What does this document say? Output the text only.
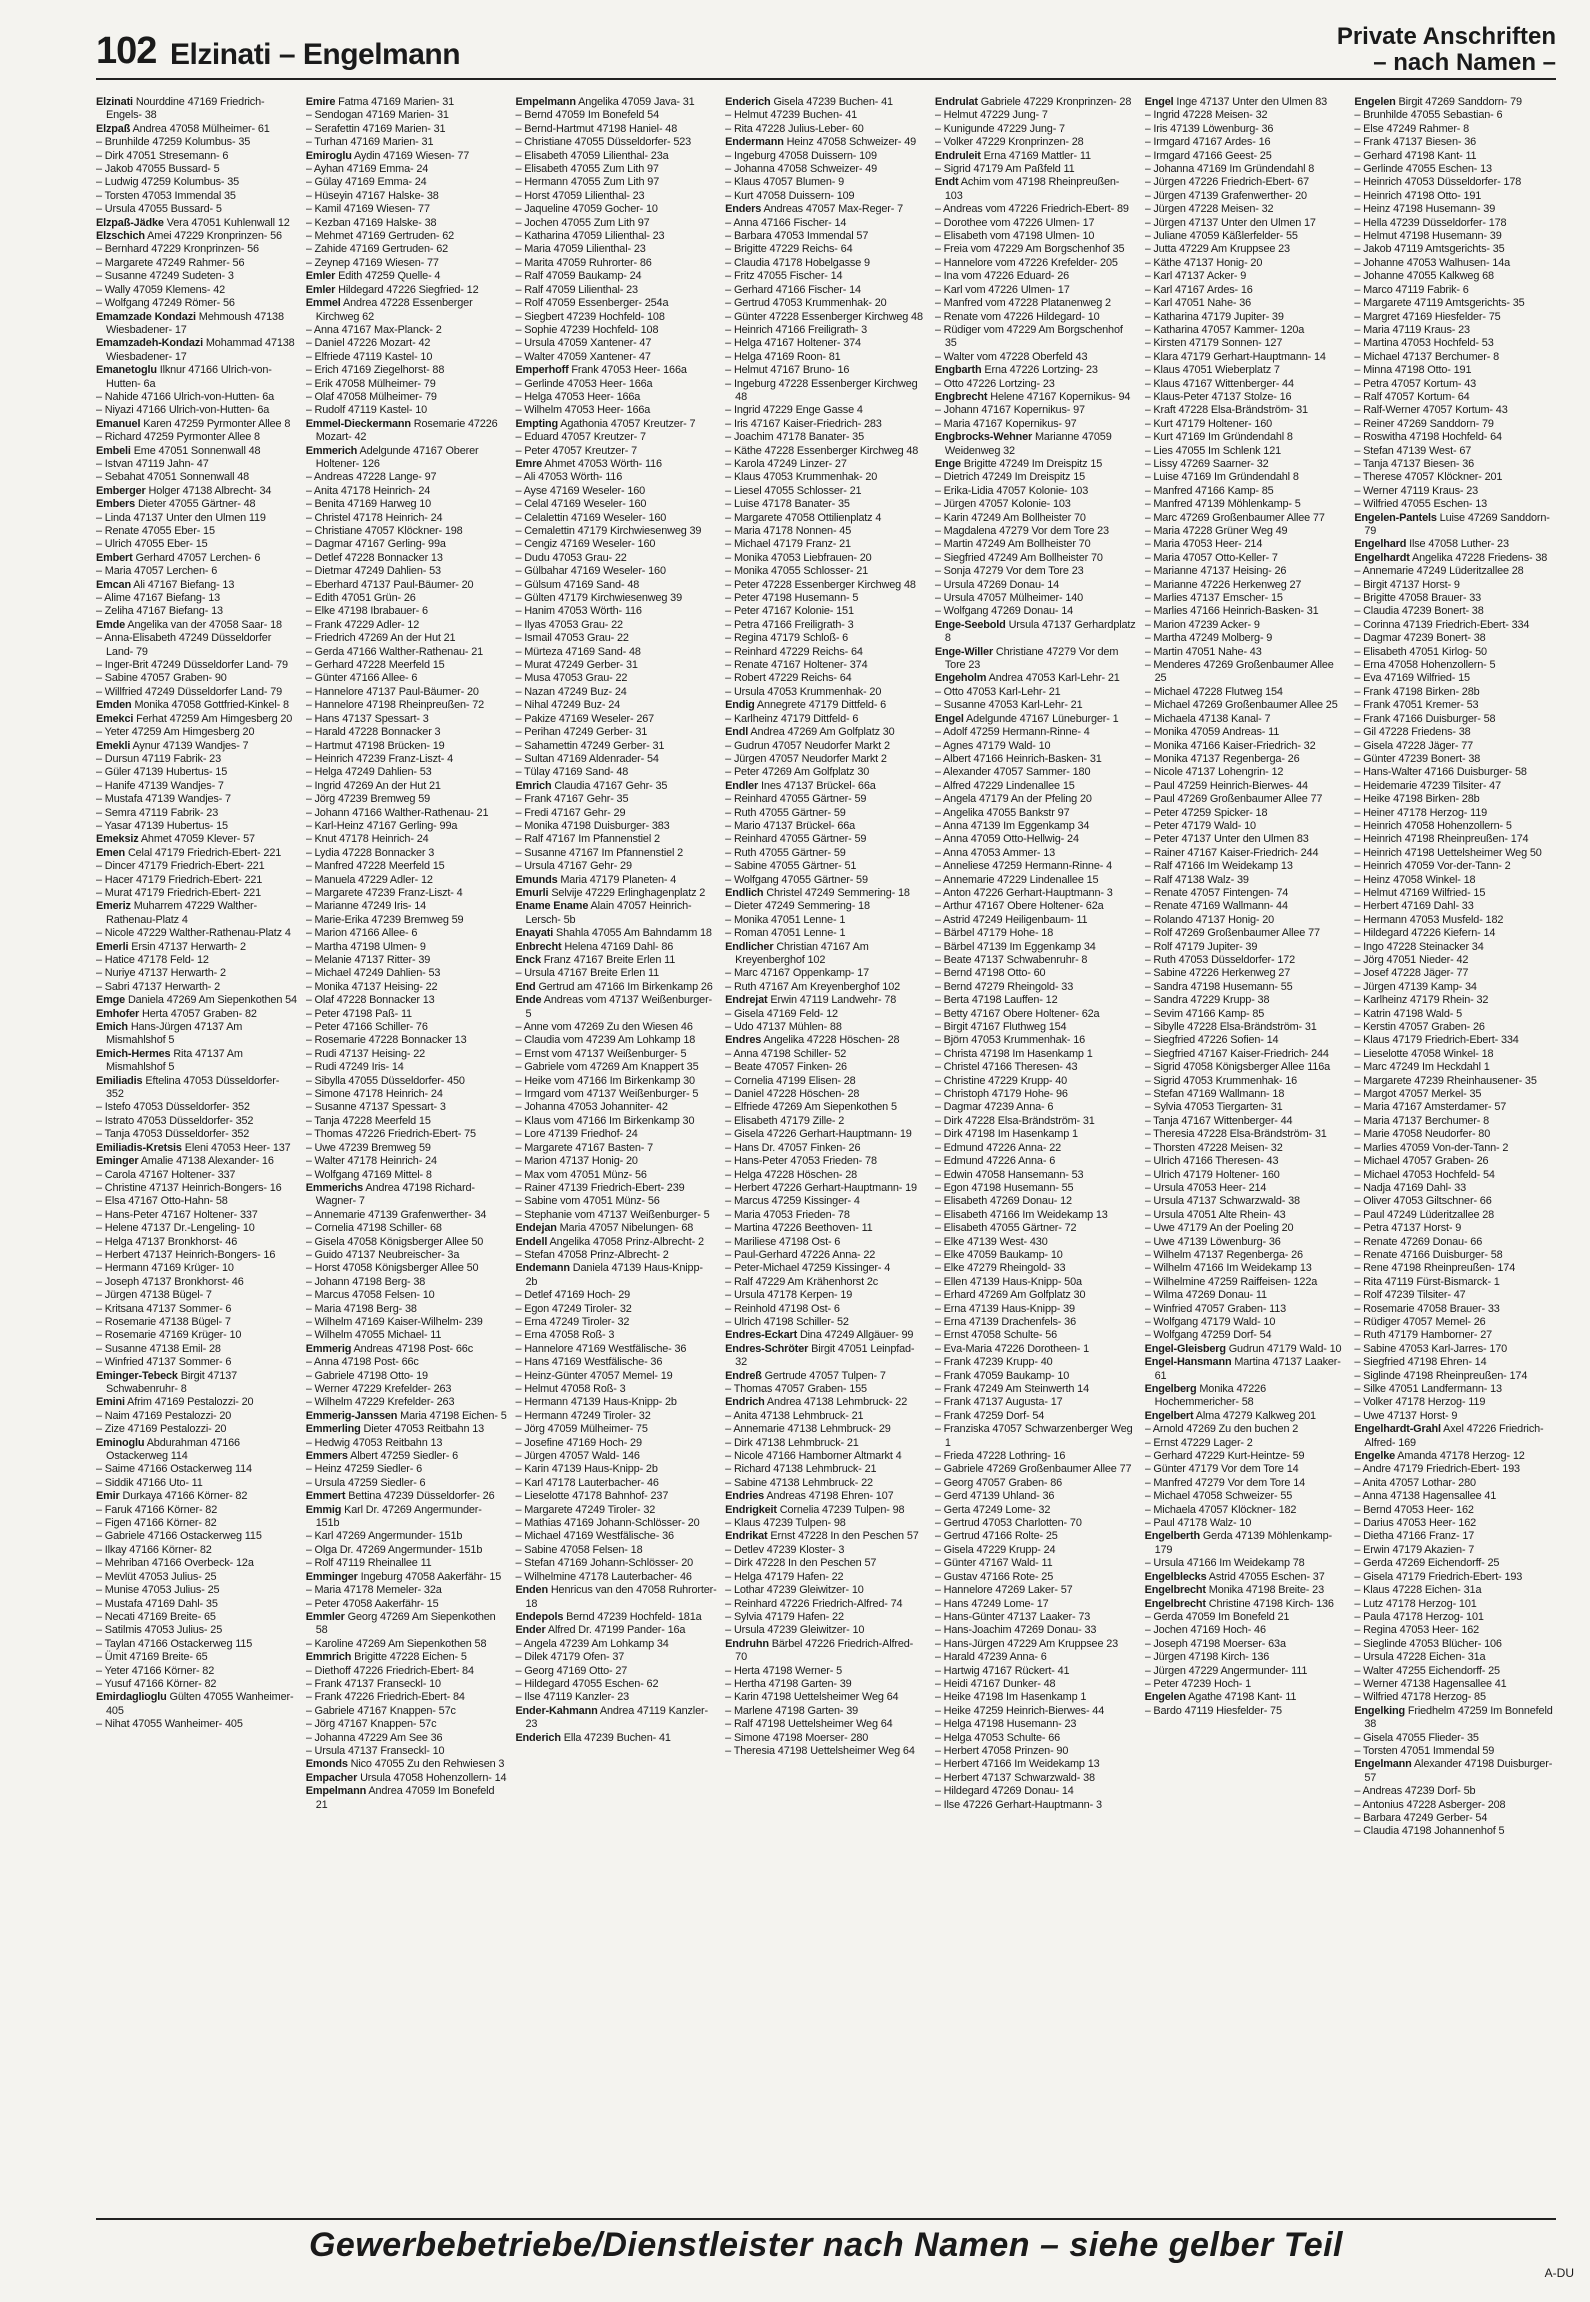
102 Elzinati – Engelmann
Private Anschriften
– nach Namen –
Elzinati Nourddine 47169 Friedrich-Engels- 38
Elzpaß Andrea 47058 Mülheimer- 61
– Brunhilde 47259 Kolumbus- 35
– Dirk 47051 Stresemann- 6
– Jakob 47055 Bussard- 5
– Ludwig 47259 Kolumbus- 35
– Torsten 47053 Immendal 35
– Ursula 47055 Bussard- 5
Elzpaß-Jädke Vera 47051 Kuhlenwall 12
Elzschich Amei 47229 Kronprinzen- 56
– Bernhard 47229 Kronprinzen- 56
– Margarete 47249 Rahmer- 56
– Susanne 47249 Sudeten- 3
– Wally 47059 Klemens- 42
– Wolfgang 47249 Römer- 56
Emamzade Kondazi Mehmoush 47138 Wiesbadener- 17
Emamzadeh-Kondazi Mohammad 47138 Wiesbadener- 17
Emanetoglu Ilknur 47166 Ulrich-von-Hutten- 6a
– Nahide 47166 Ulrich-von-Hutten- 6a
– Niyazi 47166 Ulrich-von-Hutten- 6a
Emanuel Karen 47259 Pyrmonter Allee 8
– Richard 47259 Pyrmonter Allee 8
Embeli Eme 47051 Sonnenwall 48
– Istvan 47119 Jahn- 47
– Sebahat 47051 Sonnenwall 48
Emberger Holger 47138 Albrecht- 34
Embers Dieter 47055 Gärtner- 48
– Linda 47137 Unter den Ulmen 119
– Renate 47055 Eber- 15
– Ulrich 47055 Eber- 15
Embert Gerhard 47057 Lerchen- 6
– Maria 47057 Lerchen- 6
Emcan Ali 47167 Biefang- 13
– Alime 47167 Biefang- 13
– Zeliha 47167 Biefang- 13
Emde Angelika van der 47058 Saar- 18
– Anna-Elisabeth 47249 Düsseldorfer Land- 79
– Inger-Brit 47249 Düsseldorfer Land- 79
– Sabine 47057 Graben- 90
– Willfried 47249 Düsseldorfer Land- 79
Emden Monika 47058 Gottfried-Kinkel- 8
Emekci Ferhat 47259 Am Himgesberg 20
– Yeter 47259 Am Himgesberg 20
Emekli Aynur 47139 Wandjes- 7
– Dursun 47119 Fabrik- 23
– Güler 47139 Hubertus- 15
– Hanife 47139 Wandjes- 7
– Mustafa 47139 Wandjes- 7
– Semra 47119 Fabrik- 23
– Yasar 47139 Hubertus- 15
Emeksiz Ahmet 47059 Klever- 57
Emen Celal 47179 Friedrich-Ebert- 221
– Dincer 47179 Friedrich-Ebert- 221
– Hacer 47179 Friedrich-Ebert- 221
– Murat 47179 Friedrich-Ebert- 221
Emeriz Muharrem 47229 Walther-Rathenau-Platz 4
– Nicole 47229 Walther-Rathenau-Platz 4
Emerli Ersin 47137 Herwarth- 2
– Hatice 47178 Feld- 12
– Nuriye 47137 Herwarth- 2
– Sabri 47137 Herwarth- 2
Emge Daniela 47269 Am Siepenkothen 54
Emhofer Herta 47057 Graben- 82
Emich Hans-Jürgen 47137 Am Mismahlshof 5
Emich-Hermes Rita 47137 Am Mismahlshof 5
Emiliadis Eftelina 47053 Düsseldorfer- 352
– Istefo 47053 Düsseldorfer- 352
– Istrato 47053 Düsseldorfer- 352
– Tanja 47053 Düsseldorfer- 352
Emiliadis-Kretsis Eleni 47053 Heer- 137
Eminger Amalie 47138 Alexander- 16
– Carola 47167 Holtener- 337
– Christine 47137 Heinrich-Bongers- 16
– Elsa 47167 Otto-Hahn- 58
– Hans-Peter 47167 Holtener- 337
– Helene 47137 Dr.-Lengeling- 10
– Helga 47137 Bronkhorst- 46
– Herbert 47137 Heinrich-Bongers- 16
– Hermann 47169 Krüger- 10
– Joseph 47137 Bronkhorst- 46
– Jürgen 47138 Bügel- 7
– Kritsana 47137 Sommer- 6
– Rosemarie 47138 Bügel- 7
– Rosemarie 47169 Krüger- 10
– Susanne 47138 Emil- 28
– Winfried 47137 Sommer- 6
Eminger-Tebeck Birgit 47137 Schwabenruhr- 8
Emini Afrim 47169 Pestalozzi- 20
– Naim 47169 Pestalozzi- 20
– Zize 47169 Pestalozzi- 20
Eminoglu Abdurahman 47166 Ostackerweg 114
– Saime 47166 Ostackerweg 114
– Siddik 47166 Uto- 11
Emir Durkaya 47166 Körner- 82
– Faruk 47166 Körner- 82
– Figen 47166 Körner- 82
– Gabriele 47166 Ostackerweg 115
– Ilkay 47166 Körner- 82
– Mehriban 47166 Overbeck- 12a
– Mevlüt 47053 Julius- 25
– Munise 47053 Julius- 25
– Mustafa 47169 Dahl- 35
– Necati 47169 Breite- 65
– Satilmis 47053 Julius- 25
– Taylan 47166 Ostackerweg 115
– Ümit 47169 Breite- 65
– Yeter 47166 Körner- 82
– Yusuf 47166 Körner- 82
Emirdaglioglu Gülten 47055 Wanheimer- 405
– Nihat 47055 Wanheimer- 405
Emire Fatma 47169 Marien- 31
– Sendogan 47169 Marien- 31
– Serafettin 47169 Marien- 31
– Turhan 47169 Marien- 31
Emiroglu Aydin 47169 Wiesen- 77
– Ayhan 47169 Emma- 24
– Gülay 47169 Emma- 24
– Hüseyin 47167 Halske- 38
– Kamil 47169 Wiesen- 77
– Kezban 47169 Halske- 38
– Mehmet 47169 Gertruden- 62
– Zahide 47169 Gertruden- 62
– Zeynep 47169 Wiesen- 77
Emler Edith 47259 Quelle- 4
Emler Hildegard 47226 Siegfried- 12
Emmel Andrea 47228 Essenberger Kirchweg 62
– Anna 47167 Max-Planck- 2
– Daniel 47226 Mozart- 42
– Elfriede 47119 Kastel- 10
– Erich 47169 Ziegelhorst- 88
– Erik 47058 Mülheimer- 79
– Olaf 47058 Mülheimer- 79
– Rudolf 47119 Kastel- 10
Emmel-Dieckermann Rosemarie 47226 Mozart- 42
Emmerich Adelgunde 47167 Oberer Holtener- 126
– Andreas 47228 Lange- 97
– Anita 47178 Heinrich- 24
– Benita 47169 Harweg 10
– Christel 47178 Heinrich- 24
– Christiane 47057 Klöckner- 198
– Dagmar 47167 Gerling- 99a
– Detlef 47228 Bonnacker 13
– Dietmar 47249 Dahlien- 53
– Eberhard 47137 Paul-Bäumer- 20
– Edith 47051 Grün- 26
– Elke 47198 Ibrabauer- 6
– Frank 47229 Adler- 12
– Friedrich 47269 An der Hut 21
– Gerda 47166 Walther-Rathenau- 21
– Gerhard 47228 Meerfeld 15
– Günter 47166 Allee- 6
– Hannelore 47137 Paul-Bäumer- 20
– Hannelore 47198 Rheinpreußen- 72
– Hans 47137 Spessart- 3
– Harald 47228 Bonnacker 3
– Hartmut 47198 Brücken- 19
– Heinrich 47239 Franz-Liszt- 4
– Helga 47249 Dahlien- 53
– Ingrid 47269 An der Hut 21
– Jörg 47239 Bremweg 59
– Johann 47166 Walther-Rathenau- 21
– Karl-Heinz 47167 Gerling- 99a
– Knut 47178 Heinrich- 24
– Lydia 47228 Bonnacker 3
– Manfred 47228 Meerfeld 15
– Manuela 47229 Adler- 12
– Margarete 47239 Franz-Liszt- 4
– Marianne 47249 Iris- 14
– Marie-Erika 47239 Bremweg 59
– Marion 47166 Allee- 6
– Martha 47198 Ulmen- 9
– Melanie 47137 Ritter- 39
– Michael 47249 Dahlien- 53
– Monika 47137 Heising- 22
– Olaf 47228 Bonnacker 13
– Peter 47198 Paß- 11
– Peter 47166 Schiller- 76
– Rosemarie 47228 Bonnacker 13
– Rudi 47137 Heising- 22
– Rudi 47249 Iris- 14
– Sibylla 47055 Düsseldorfer- 450
– Simone 47178 Heinrich- 24
– Susanne 47137 Spessart- 3
– Tanja 47228 Meerfeld 15
– Thomas 47226 Friedrich-Ebert- 75
– Uwe 47239 Bremweg 59
– Walter 47178 Heinrich- 24
– Wolfgang 47169 Mittel- 8
Emmerichs Andrea 47198 Richard-Wagner- 7
– Annemarie 47139 Grafenwerther- 34
– Cornelia 47198 Schiller- 68
– Gisela 47058 Königsberger Allee 50
– Guido 47137 Neubreischer- 3a
– Horst 47058 Königsberger Allee 50
– Johann 47198 Berg- 38
– Marcus 47058 Felsen- 10
– Maria 47198 Berg- 38
– Wilhelm 47169 Kaiser-Wilhelm- 239
– Wilhelm 47055 Michael- 11
Emmerig Andreas 47198 Post- 66c
– Anna 47198 Post- 66c
– Gabriele 47198 Otto- 19
– Werner 47229 Krefelder- 263
– Wilhelm 47229 Krefelder- 263
Emmerig-Janssen Maria 47198 Eichen- 5
Emmerling Dieter 47053 Reitbahn 13
– Hedwig 47053 Reitbahn 13
Emmers Albert 47259 Siedler- 6
– Heinz 47259 Siedler- 6
– Ursula 47259 Siedler- 6
Emmert Bettina 47239 Düsseldorfer- 26
Emmig Karl Dr. 47269 Angermunder- 151b
– Karl 47269 Angermunder- 151b
– Olga Dr. 47269 Angermunder- 151b
– Rolf 47119 Rheinallee 11
Emminger Ingeburg 47058 Aakerfähr- 15
– Maria 47178 Memeler- 32a
– Peter 47058 Aakerfähr- 15
Emmler Georg 47269 Am Siepenkothen 58
– Karoline 47269 Am Siepenkothen 58
Emmrich Brigitte 47228 Eichen- 5
– Diethoff 47226 Friedrich-Ebert- 84
– Frank 47137 Franseckl- 10
– Frank 47226 Friedrich-Ebert- 84
– Gabriele 47167 Knappen- 57c
– Jörg 47167 Knappen- 57c
– Johanna 47229 Am See 36
– Ursula 47137 Franseckl- 10
Emonds Nico 47055 Zu den Rehwiesen 3
Empacher Ursula 47058 Hohenzollern- 14
Empelmann Andrea 47059 Im Bonefeld 21
Empelmann Angelika 47059 Java- 31
– Bernd 47059 Im Bonefeld 54
– Bernd-Hartmut 47198 Haniel- 48
– Christiane 47055 Düsseldorfer- 523
– Elisabeth 47059 Lilienthal- 23a
– Elisabeth 47055 Zum Lith 97
– Hermann 47055 Zum Lith 97
– Horst 47059 Lilienthal- 23
– Jaqueline 47059 Gocher- 10
– Jochen 47055 Zum Lith 97
– Katharina 47059 Lilienthal- 23
– Maria 47059 Lilienthal- 23
– Marita 47059 Ruhrorter- 86
– Ralf 47059 Baukamp- 24
– Ralf 47059 Lilienthal- 23
– Rolf 47059 Essenberger- 254a
– Siegbert 47239 Hochfeld- 108
– Sophie 47239 Hochfeld- 108
– Ursula 47059 Xantener- 47
– Walter 47059 Xantener- 47
Emperhoff Frank 47053 Heer- 166a
– Gerlinde 47053 Heer- 166a
– Helga 47053 Heer- 166a
– Wilhelm 47053 Heer- 166a
Empting Agathonia 47057 Kreutzer- 7
– Eduard 47057 Kreutzer- 7
– Peter 47057 Kreutzer- 7
Emre Ahmet 47053 Wörth- 116
– Ali 47053 Wörth- 116
– Ayse 47169 Weseler- 160
– Celal 47169 Weseler- 160
– Celalettin 47169 Weseler- 160
– Cemalettin 47179 Kirchwiesenweg 39
– Cengiz 47169 Weseler- 160
– Dudu 47053 Grau- 22
– Gülbahar 47169 Weseler- 160
– Gülsum 47169 Sand- 48
– Gülten 47179 Kirchwiesenweg 39
– Hanim 47053 Wörth- 116
– Ilyas 47053 Grau- 22
– Ismail 47053 Grau- 22
– Mürteza 47169 Sand- 48
– Murat 47249 Gerber- 31
– Musa 47053 Grau- 22
– Nazan 47249 Buz- 24
– Nihal 47249 Buz- 24
– Pakize 47169 Weseler- 267
– Perihan 47249 Gerber- 31
– Sahamettin 47249 Gerber- 31
– Sultan 47169 Aldenrader- 54
– Tülay 47169 Sand- 48
Emrich Claudia 47167 Gehr- 35
– Frank 47167 Gehr- 35
– Fredi 47167 Gehr- 29
– Monika 47198 Duisburger- 383
– Ralf 47167 Im Pfannenstiel 2
– Susanne 47167 Im Pfannenstiel 2
– Ursula 47167 Gehr- 29
Emunds Maria 47179 Planeten- 4
Emurli Selvije 47229 Erlinghagenplatz 2
Ename Ename Alain 47057 Heinrich-Lersch- 5b
Enayati Shahla 47055 Am Bahndamm 18
Enbrecht Helena 47169 Dahl- 86
Enck Franz 47167 Breite Erlen 11
– Ursula 47167 Breite Erlen 11
End Gertrud am 47166 Im Birkenkamp 26
Ende Andreas vom 47137 Weißenburger- 5
– Anne vom 47269 Zu den Wiesen 46
– Claudia vom 47239 Am Lohkamp 18
– Ernst vom 47137 Weißenburger- 5
– Gabriele vom 47269 Am Knappert 35
– Heike vom 47166 Im Birkenkamp 30
– Irmgard vom 47137 Weißenburger- 5
– Johanna 47053 Johanniter- 42
– Klaus vom 47166 Im Birkenkamp 30
– Lore 47139 Friedhof- 24
– Margarete 47167 Basten- 7
– Marion 47137 Honig- 20
– Max vom 47051 Münz- 56
– Rainer 47139 Friedrich-Ebert- 239
– Sabine vom 47051 Münz- 56
– Stephanie vom 47137 Weißenburger- 5
Endejan Maria 47057 Nibelungen- 68
Endell Angelika 47058 Prinz-Albrecht- 2
– Stefan 47058 Prinz-Albrecht- 2
Endemann Daniela 47139 Haus-Knipp- 2b
– Detlef 47169 Hoch- 29
– Egon 47249 Tiroler- 32
– Erna 47249 Tiroler- 32
– Erna 47058 Roß- 3
– Hannelore 47169 Westfälische- 36
– Hans 47169 Westfälische- 36
– Heinz-Günter 47057 Memel- 19
– Helmut 47058 Roß- 3
– Hermann 47139 Haus-Knipp- 2b
– Hermann 47249 Tiroler- 32
– Jörg 47059 Mülheimer- 75
– Josefine 47169 Hoch- 29
– Jürgen 47057 Wald- 146
– Karin 47139 Haus-Knipp- 2b
– Karl 47178 Lauterbacher- 46
– Lieselotte 47178 Bahnhof- 237
– Margarete 47249 Tiroler- 32
– Mathias 47169 Johann-Schlösser- 20
– Michael 47169 Westfälische- 36
– Sabine 47058 Felsen- 18
– Stefan 47169 Johann-Schlösser- 20
– Wilhelmine 47178 Lauterbacher- 46
Enden Henricus van den 47058 Ruhrorter- 18
Endepols Bernd 47239 Hochfeld- 181a
Ender Alfred Dr. 47199 Pander- 16a
– Angela 47239 Am Lohkamp 34
– Dilek 47179 Ofen- 37
– Georg 47169 Otto- 27
– Hildegard 47055 Eschen- 62
– Ilse 47119 Kanzler- 23
Ender-Kahmann Andrea 47119 Kanzler- 23
Enderich Ella 47239 Buchen- 41
Enderich Gisela 47239 Buchen- 41
– Helmut 47239 Buchen- 41
– Rita 47228 Julius-Leber- 60
Endermann Heinz 47058 Schweizer- 49
– Ingeburg 47058 Duissern- 109
– Johanna 47058 Schweizer- 49
– Klaus 47057 Blumen- 9
– Kurt 47058 Duissern- 109
Enders Andreas 47057 Max-Reger- 7
– Anna 47166 Fischer- 14
– Barbara 47053 Immendal 57
– Brigitte 47229 Reichs- 64
– Claudia 47178 Hobelgasse 9
– Fritz 47055 Fischer- 14
– Gerhard 47166 Fischer- 14
– Gertrud 47053 Krummenhak- 20
– Günter 47228 Essenberger Kirchweg 48
– Heinrich 47166 Freiligrath- 3
– Helga 47167 Holtener- 374
– Helga 47169 Roon- 81
– Helmut 47167 Bruno- 16
– Ingeburg 47228 Essenberger Kirchweg 48
– Ingrid 47229 Enge Gasse 4
– Iris 47167 Kaiser-Friedrich- 283
– Joachim 47178 Banater- 35
– Käthe 47228 Essenberger Kirchweg 48
– Karola 47249 Linzer- 27
– Klaus 47053 Krummenhak- 20
– Liesel 47055 Schlosser- 21
– Luise 47178 Banater- 35
– Margarete 47058 Ottilienplatz 4
– Maria 47178 Nonnen- 45
– Michael 47179 Franz- 21
– Monika 47053 Liebfrauen- 20
– Monika 47055 Schlosser- 21
– Peter 47228 Essenberger Kirchweg 48
– Peter 47198 Husemann- 5
– Peter 47167 Kolonie- 151
– Petra 47166 Freiligrath- 3
– Regina 47179 Schloß- 6
– Reinhard 47229 Reichs- 64
– Renate 47167 Holtener- 374
– Robert 47229 Reichs- 64
– Ursula 47053 Krummenhak- 20
Endig Annegrete 47179 Dittfeld- 6
– Karlheinz 47179 Dittfeld- 6
Endl Andrea 47269 Am Golfplatz 30
– Gudrun 47057 Neudorfer Markt 2
– Jürgen 47057 Neudorfer Markt 2
– Peter 47269 Am Golfplatz 30
Endler Ines 47137 Brückel- 66a
– Reinhard 47055 Gärtner- 59
– Ruth 47055 Gärtner- 59
– Mario 47137 Brückel- 66a
– Reinhard 47055 Gärtner- 59
– Ruth 47055 Gärtner- 59
– Sabine 47055 Gärtner- 51
– Wolfgang 47055 Gärtner- 59
Endlich Christel 47249 Semmering- 18
– Dieter 47249 Semmering- 18
– Monika 47051 Lenne- 1
– Roman 47051 Lenne- 1
Endlicher Christian 47167 Am Kreyenberghof 102
– Marc 47167 Oppenkamp- 17
– Ruth 47167 Am Kreyenberghof 102
Endrejat Erwin 47119 Landwehr- 78
– Gisela 47169 Feld- 12
– Udo 47137 Mühlen- 88
Endres Angelika 47228 Höschen- 28
– Anna 47198 Schiller- 52
– Beate 47057 Finken- 26
– Cornelia 47199 Elisen- 28
– Daniel 47228 Höschen- 28
– Elfriede 47269 Am Siepenkothen 5
– Elisabeth 47179 Zille- 2
– Gisela 47226 Gerhart-Hauptmann- 19
– Hans Dr. 47057 Finken- 26
– Hans-Peter 47053 Frieden- 78
– Helga 47228 Höschen- 28
– Herbert 47226 Gerhart-Hauptmann- 19
– Marcus 47259 Kissinger- 4
– Maria 47053 Frieden- 78
– Martina 47226 Beethoven- 11
– Mariliese 47198 Ost- 6
– Paul-Gerhard 47226 Anna- 22
– Peter-Michael 47259 Kissinger- 4
– Ralf 47229 Am Krähenhorst 2c
– Ursula 47178 Kerpen- 19
– Reinhold 47198 Ost- 6
– Ulrich 47198 Schiller- 52
Endres-Eckart Dina 47249 Allgäuer- 99
Endres-Schröter Birgit 47051 Leinpfad- 32
Endreß Gertrude 47057 Tulpen- 7
– Thomas 47057 Graben- 155
Endrich Andrea 47138 Lehmbruck- 22
– Anita 47138 Lehmbruck- 21
– Annemarie 47138 Lehmbruck- 29
– Dirk 47138 Lehmbruck- 21
– Nicole 47166 Hamborner Altmarkt 4
– Richard 47138 Lehmbruck- 21
– Sabine 47138 Lehmbruck- 22
Endries Andreas 47198 Ehren- 107
Endrigkeit Cornelia 47239 Tulpen- 98
– Klaus 47239 Tulpen- 98
Endrikat Ernst 47228 In den Peschen 57
– Detlev 47239 Kloster- 3
– Dirk 47228 In den Peschen 57
– Helga 47179 Hafen- 22
– Lothar 47239 Gleiwitzer- 10
– Reinhard 47226 Friedrich-Alfred- 74
– Sylvia 47179 Hafen- 22
– Ursula 47239 Gleiwitzer- 10
Endruhn Bärbel 47226 Friedrich-Alfred- 70
– Herta 47198 Werner- 5
– Hertha 47198 Garten- 39
– Karin 47198 Uettelsheimer Weg 64
– Marlene 47198 Garten- 39
– Ralf 47198 Uettelsheimer Weg 64
– Simone 47198 Moerser- 280
– Theresia 47198 Uettelsheimer Weg 64
Endrulat Gabriele 47229 Kronprinzen- 28
– Helmut 47229 Jung- 7
– Kunigunde 47229 Jung- 7
– Volker 47229 Kronprinzen- 28
Endruleit Erna 47169 Mattler- 11
– Sigrid 47179 Am Paßfeld 11
Endt Achim vom 47198 Rheinpreußen- 103
– Andreas vom 47226 Friedrich-Ebert- 89
– Dorothee vom 47226 Ulmen- 17
– Elisabeth vom 47198 Ulmen- 10
– Freia vom 47229 Am Borgschenhof 35
– Hannelore vom 47226 Krefelder- 205
– Ina vom 47226 Eduard- 26
– Karl vom 47226 Ulmen- 17
– Manfred vom 47228 Platanenweg 2
– Renate vom 47226 Hildegard- 10
– Rüdiger vom 47229 Am Borgschenhof 35
– Walter vom 47228 Oberfeld 43
Engbarth Erna 47226 Lortzing- 23
– Otto 47226 Lortzing- 23
Engbrecht Helene 47167 Kopernikus- 94
– Johann 47167 Kopernikus- 97
– Maria 47167 Kopernikus- 97
Engbrocks-Wehner Marianne 47059 Weidenweg 32
Enge Brigitte 47249 Im Dreispitz 15
– Dietrich 47249 Im Dreispitz 15
– Erika-Lidia 47057 Kolonie- 103
– Jürgen 47057 Kolonie- 103
– Karin 47249 Am Bollheister 70
– Magdalena 47279 Vor dem Tore 23
– Martin 47249 Am Bollheister 70
– Siegfried 47249 Am Bollheister 70
– Sonja 47279 Vor dem Tore 23
– Ursula 47269 Donau- 14
– Ursula 47057 Mülheimer- 140
– Wolfgang 47269 Donau- 14
Enge-Seebold Ursula 47137 Gerhardplatz 8
Enge-Willer Christiane 47279 Vor dem Tore 23
Engeholm Andrea 47053 Karl-Lehr- 21
– Otto 47053 Karl-Lehr- 21
– Susanne 47053 Karl-Lehr- 21
Engel Adelgunde 47167 Lüneburger- 1
– Adolf 47259 Hermann-Rinne- 4
– Agnes 47179 Wald- 10
– Albert 47166 Heinrich-Basken- 31
– Alexander 47057 Sammer- 180
– Alfred 47229 Lindenallee 15
– Angela 47179 An der Pfeling 20
– Angelika 47055 Bankstr 97
– Anna 47139 Im Eggenkamp 34
– Anna 47059 Otto-Hellwig- 24
– Anna 47053 Ammer- 13
– Anneliese 47259 Hermann-Rinne- 4
– Annemarie 47229 Lindenallee 15
– Anton 47226 Gerhart-Hauptmann- 3
– Arthur 47167 Obere Holtener- 62a
– Astrid 47249 Heiligenbaum- 11
– Bärbel 47179 Hohe- 18
– Bärbel 47139 Im Eggenkamp 34
– Beate 47137 Schwabenruhr- 8
– Bernd 47198 Otto- 60
– Bernd 47279 Rheingold- 33
– Berta 47198 Lauffen- 12
– Betty 47167 Obere Holtener- 62a
– Birgit 47167 Fluthweg 154
– Björn 47053 Krummenhak- 16
– Christa 47198 Im Hasenkamp 1
– Christel 47166 Theresen- 43
– Christine 47229 Krupp- 40
– Christoph 47179 Hohe- 96
– Dagmar 47239 Anna- 6
– Dirk 47228 Elsa-Brändström- 31
– Dirk 47198 Im Hasenkamp 1
– Edmund 47226 Anna- 22
– Edmund 47226 Anna- 6
– Edwin 47058 Hansemann- 53
– Egon 47198 Husemann- 55
– Elisabeth 47269 Donau- 12
– Elisabeth 47166 Im Weidekamp 13
– Elisabeth 47055 Gärtner- 72
– Elke 47139 West- 430
– Elke 47059 Baukamp- 10
– Elke 47279 Rheingold- 33
– Ellen 47139 Haus-Knipp- 50a
– Erhard 47269 Am Golfplatz 30
– Erna 47139 Haus-Knipp- 39
– Erna 47139 Drachenfels- 36
– Ernst 47058 Schulte- 56
– Eva-Maria 47226 Dorotheen- 1
– Frank 47239 Krupp- 40
– Frank 47059 Baukamp- 10
– Frank 47249 Am Steinwerth 14
– Frank 47137 Augusta- 17
– Frank 47259 Dorf- 54
– Franziska 47057 Schwarzenberger Weg 1
– Frieda 47228 Lothring- 16
– Gabriele 47269 Großenbaumer Allee 77
– Georg 47057 Graben- 86
– Gerd 47139 Uhland- 36
– Gerta 47249 Lome- 32
– Gertrud 47053 Charlotten- 70
– Gertrud 47166 Rolte- 25
– Gisela 47229 Krupp- 24
– Günter 47167 Wald- 11
– Gustav 47166 Rote- 25
– Hannelore 47269 Laker- 57
– Hans 47249 Lome- 17
– Hans-Günter 47137 Laaker- 73
– Hans-Joachim 47269 Donau- 33
– Hans-Jürgen 47229 Am Kruppsee 23
– Harald 47239 Anna- 6
– Hartwig 47167 Rückert- 41
– Heidi 47167 Dunker- 48
– Heike 47198 Im Hasenkamp 1
– Heike 47259 Heinrich-Bierwes- 44
– Helga 47198 Husemann- 23
– Helga 47053 Schulte- 66
– Herbert 47058 Prinzen- 90
– Herbert 47166 Im Weidekamp 13
– Herbert 47137 Schwarzwald- 38
– Hildegard 47269 Donau- 14
– Ilse 47226 Gerhart-Hauptmann- 3
Engel Inge 47137 Unter den Ulmen 83
– Ingrid 47228 Meisen- 32
– Iris 47139 Löwenburg- 36
– Irmgard 47167 Ardes- 16
– Irmgard 47166 Geest- 25
– Johanna 47169 Im Gründendahl 8
– Jürgen 47226 Friedrich-Ebert- 67
– Jürgen 47139 Grafenwerther- 20
– Jürgen 47228 Meisen- 32
– Jürgen 47137 Unter den Ulmen 17
– Juliane 47059 Käßlerfelder- 55
– Jutta 47229 Am Kruppsee 23
– Käthe 47137 Honig- 20
– Karl 47137 Acker- 9
– Karl 47167 Ardes- 16
– Karl 47051 Nahe- 36
– Katharina 47179 Jupiter- 39
– Katharina 47057 Kammer- 120a
– Kirsten 47179 Sonnen- 127
– Klara 47179 Gerhart-Hauptmann- 14
– Klaus 47051 Wieberplatz 7
– Klaus 47167 Wittenberger- 44
– Klaus-Peter 47137 Stolze- 16
– Kraft 47228 Elsa-Brändström- 31
– Kurt 47179 Holtener- 160
– Kurt 47169 Im Gründendahl 8
– Lies 47055 Im Schlenk 121
– Lissy 47269 Saarner- 32
– Luise 47169 Im Gründendahl 8
– Manfred 47166 Kamp- 85
– Manfred 47139 Möhlenkamp- 5
– Marc 47269 Großenbaumer Allee 77
– Maria 47228 Grüner Weg 49
– Maria 47053 Heer- 214
– Maria 47057 Otto-Keller- 7
– Marianne 47137 Heising- 26
– Marianne 47226 Herkenweg 27
– Marlies 47137 Emscher- 15
– Marlies 47166 Heinrich-Basken- 31
– Marion 47239 Acker- 9
– Martha 47249 Molberg- 9
– Martin 47051 Nahe- 43
– Menderes 47269 Großenbaumer Allee 25
– Michael 47228 Flutweg 154
– Michael 47269 Großenbaumer Allee 25
– Michaela 47138 Kanal- 7
– Monika 47059 Andreas- 11
– Monika 47166 Kaiser-Friedrich- 32
– Monika 47137 Regenberga- 26
– Nicole 47137 Lohengrin- 12
– Paul 47259 Heinrich-Bierwes- 44
– Paul 47269 Großenbaumer Allee 77
– Peter 47259 Spicker- 18
– Peter 47179 Wald- 10
– Peter 47137 Unter den Ulmen 83
– Rainer 47167 Kaiser-Friedrich- 244
– Ralf 47166 Im Weidekamp 13
– Ralf 47138 Walz- 39
– Renate 47057 Fintengen- 74
– Renate 47169 Wallmann- 44
– Rolando 47137 Honig- 20
– Rolf 47269 Großenbaumer Allee 77
– Rolf 47179 Jupiter- 39
– Ruth 47053 Düsseldorfer- 172
– Sabine 47226 Herkenweg 27
– Sandra 47198 Husemann- 55
– Sandra 47229 Krupp- 38
– Sevim 47166 Kamp- 85
– Sibylle 47228 Elsa-Brändström- 31
– Siegfried 47226 Sofien- 14
– Siegfried 47167 Kaiser-Friedrich- 244
– Sigrid 47058 Königsberger Allee 116a
– Sigrid 47053 Krummenhak- 16
– Stefan 47169 Wallmann- 18
– Sylvia 47053 Tiergarten- 31
– Tanja 47167 Wittenberger- 44
– Theresia 47228 Elsa-Brändström- 31
– Thorsten 47228 Meisen- 32
– Ulrich 47166 Theresen- 43
– Ulrich 47179 Holtener- 160
– Ursula 47053 Heer- 214
– Ursula 47137 Schwarzwald- 38
– Ursula 47051 Alte Rhein- 43
– Uwe 47179 An der Poeling 20
– Uwe 47139 Löwenburg- 36
– Wilhelm 47137 Regenberga- 26
– Wilhelm 47166 Im Weidekamp 13
– Wilhelmine 47259 Raiffeisen- 122a
– Wilma 47269 Donau- 11
– Winfried 47057 Graben- 113
– Wolfgang 47179 Wald- 10
– Wolfgang 47259 Dorf- 54
Engel-Gleisberg Gudrun 47179 Wald- 10
Engel-Hansmann Martina 47137 Laaker- 61
Engelberg Monika 47226 Hochemmericher- 58
Engelbert Alma 47279 Kalkweg 201
– Arnold 47269 Zu den buchen 2
– Ernst 47229 Lager- 2
– Gerhard 47229 Kurt-Heintze- 59
– Günter 47179 Vor dem Tore 14
– Manfred 47279 Vor dem Tore 14
– Michael 47058 Schweizer- 55
– Michaela 47057 Klöckner- 182
– Paul 47178 Walz- 10
Engelberth Gerda 47139 Möhlenkamp- 179
– Ursula 47166 Im Weidekamp 78
Engelblecks Astrid 47055 Eschen- 37
Engelbrecht Monika 47198 Breite- 23
Engelbrecht Christine 47198 Kirch- 136
– Gerda 47059 Im Bonefeld 21
– Jochen 47169 Hoch- 46
– Joseph 47198 Moerser- 63a
– Jürgen 47198 Kirch- 136
– Jürgen 47229 Angermunder- 111
– Peter 47239 Hoch- 1
Engelen Agathe 47198 Kant- 11
– Bardo 47119 Hiesfelder- 75
Engelen Birgit 47269 Sanddorn- 79
– Brunhilde 47055 Sebastian- 6
– Else 47249 Rahmer- 8
– Frank 47137 Biesen- 36
– Gerhard 47198 Kant- 11
– Gerlinde 47055 Eschen- 13
– Heinrich 47053 Düsseldorfer- 178
– Heinrich 47198 Otto- 191
– Heinz 47198 Husemann- 39
– Hella 47239 Düsseldorfer- 178
– Helmut 47198 Husemann- 39
– Jakob 47119 Amtsgerichts- 35
– Johanne 47053 Walhusen- 14a
– Johanne 47055 Kalkweg 68
– Marco 47119 Fabrik- 6
– Margarete 47119 Amtsgerichts- 35
– Margret 47169 Hiesfelder- 75
– Maria 47119 Kraus- 23
– Martina 47053 Hochfeld- 53
– Michael 47137 Berchumer- 8
– Minna 47198 Otto- 191
– Petra 47057 Kortum- 43
– Ralf 47057 Kortum- 64
– Ralf-Werner 47057 Kortum- 43
– Reiner 47269 Sanddorn- 79
– Roswitha 47198 Hochfeld- 64
– Stefan 47139 West- 67
– Tanja 47137 Biesen- 36
– Therese 47057 Klöckner- 201
– Werner 47119 Kraus- 23
– Wilfried 47055 Eschen- 13
Engelen-Pantels Luise 47269 Sanddorn- 79
Engelhard Ilse 47058 Luther- 23
Engelhardt Angelika 47228 Friedens- 38
– Annemarie 47249 Lüderitzallee 28
– Birgit 47137 Horst- 9
– Brigitte 47058 Brauer- 33
– Claudia 47239 Bonert- 38
– Corinna 47139 Friedrich-Ebert- 334
– Dagmar 47239 Bonert- 38
– Elisabeth 47051 Kirlog- 50
– Erna 47058 Hohenzollern- 5
– Eva 47169 Wilfried- 15
– Frank 47198 Birken- 28b
– Frank 47051 Kremer- 53
– Frank 47166 Duisburger- 58
– Gil 47228 Friedens- 38
– Gisela 47228 Jäger- 77
– Günter 47239 Bonert- 38
– Hans-Walter 47166 Duisburger- 58
– Heidemarie 47239 Tilsiter- 47
– Heike 47198 Birken- 28b
– Heiner 47178 Herzog- 119
– Heinrich 47058 Hohenzollern- 5
– Heinrich 47198 Rheinpreußen- 174
– Heinrich 47198 Uettelsheimer Weg 50
– Heinrich 47059 Vor-der-Tann- 2
– Heinz 47058 Winkel- 18
– Helmut 47169 Wilfried- 15
– Herbert 47169 Dahl- 33
– Hermann 47053 Musfeld- 182
– Hildegard 47226 Kiefern- 14
– Ingo 47228 Steinacker 34
– Jörg 47051 Nieder- 42
– Josef 47228 Jäger- 77
– Jürgen 47139 Kamp- 34
– Karlheinz 47179 Rhein- 32
– Katrin 47198 Wald- 5
– Kerstin 47057 Graben- 26
– Klaus 47179 Friedrich-Ebert- 334
– Lieselotte 47058 Winkel- 18
– Marc 47249 Im Heckdahl 1
– Margarete 47239 Rheinhausener- 35
– Margot 47057 Merkel- 35
– Maria 47167 Amsterdamer- 57
– Maria 47137 Berchumer- 8
– Marie 47058 Neudorfer- 80
– Marlies 47059 Von-der-Tann- 2
– Michael 47057 Graben- 26
– Michael 47053 Hochfeld- 54
– Nadja 47169 Dahl- 33
– Oliver 47053 Giltschner- 66
– Paul 47249 Lüderitzallee 28
– Petra 47137 Horst- 9
– Renate 47269 Donau- 66
– Renate 47166 Duisburger- 58
– Rene 47198 Rheinpreußen- 174
– Rita 47119 Fürst-Bismarck- 1
– Rolf 47239 Tilsiter- 47
– Rosemarie 47058 Brauer- 33
– Rüdiger 47057 Memel- 26
– Ruth 47179 Hamborner- 27
– Sabine 47053 Karl-Jarres- 170
– Siegfried 47198 Ehren- 14
– Siglinde 47198 Rheinpreußen- 174
– Silke 47051 Landfermann- 13
– Volker 47178 Herzog- 119
– Uwe 47137 Horst- 9
Engelhardt-Grahl Axel 47226 Friedrich-Alfred- 169
Engelke Amanda 47178 Herzog- 12
– Andre 47179 Friedrich-Ebert- 193
– Anita 47057 Lothar- 280
– Anna 47138 Hagensallee 41
– Bernd 47053 Heer- 162
– Darius 47053 Heer- 162
– Dietha 47166 Franz- 17
– Erwin 47179 Akazien- 7
– Gerda 47269 Eichendorff- 25
– Gisela 47179 Friedrich-Ebert- 193
– Klaus 47228 Eichen- 31a
– Lutz 47178 Herzog- 101
– Paula 47178 Herzog- 101
– Regina 47053 Heer- 162
– Sieglinde 47053 Blücher- 106
– Ursula 47228 Eichen- 31a
– Walter 47255 Eichendorff- 25
– Werner 47138 Hagensallee 41
– Wilfried 47178 Herzog- 85
Engelking Friedhelm 47259 Im Bonnefeld 38
– Gisela 47055 Flieder- 35
– Torsten 47051 Immendal 59
Engelmann Alexander 47198 Duisburger- 57
– Andreas 47239 Dorf- 5b
– Antonius 47228 Asberger- 208
– Barbara 47249 Gerber- 54
– Claudia 47198 Johannenhof 5
Gewerbebetriebe/Dienstleister nach Namen – siehe gelber Teil
A-DU
